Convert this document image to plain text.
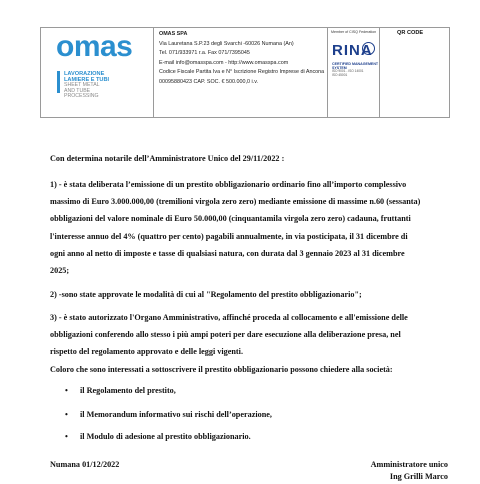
omas
LAVORAZIONE
LAMIERE E TUBI
SHEET METAL
AND TUBE
PROCESSING
OMAS SPA
Via Lauretana S.P.23 degli Svarchi -60026 Numana (An)
Tel. 071/933971 r.a. Fax 071/7395045
E-mail info@omasspa.com - http://www.omasspa.com
Codice Fiscale Partita Iva e N° Iscrizione Registro Imprese di Ancona
00095880423 CAP. SOC. € 500.000,0 i.v.
Member of CISQ Federation
RINA
CERTIFIED MANAGEMENT SYSTEM
ISO 9001 - ISO 14001
ISO 45001
QR CODE
Con determina notarile dell’Amministratore Unico del 29/11/2022 :
1) - è stata deliberata l’emissione di un prestito obbligazionario ordinario fino all’importo complessivo
massimo di Euro 3.000.000,00 (tremilioni virgola zero zero) mediante emissione di massime n.60 (sessanta)
obbligazioni del valore nominale di Euro 50.000,00 (cinquantamila virgola zero zero) cadauna, fruttanti
l'interesse annuo del 4% (quattro per cento) pagabili annualmente, in via posticipata, il 31 dicembre di
ogni anno al netto di imposte e tasse di qualsiasi natura, con durata dal 3 gennaio 2023 al 31 dicembre
2025;
2) -sono state approvate le modalità di cui al "Regolamento del prestito obbligazionario";
3) - è stato autorizzato l'Organo Amministrativo, affinché proceda al collocamento e all'emissione delle
obbligazioni conferendo allo stesso i più ampi poteri per dare esecuzione alla deliberazione presa, nel
rispetto del regolamento approvato e delle leggi vigenti.
Coloro che sono interessati a sottoscrivere il prestito obbligazionario possono chiedere alla società:
• il Regolamento del prestito,
• il Memorandum informativo sui rischi dell’operazione,
• il Modulo di adesione al prestito obbligazionario.
Numana 01/12/2022	Amministratore unico
Ing Grilli Marco
